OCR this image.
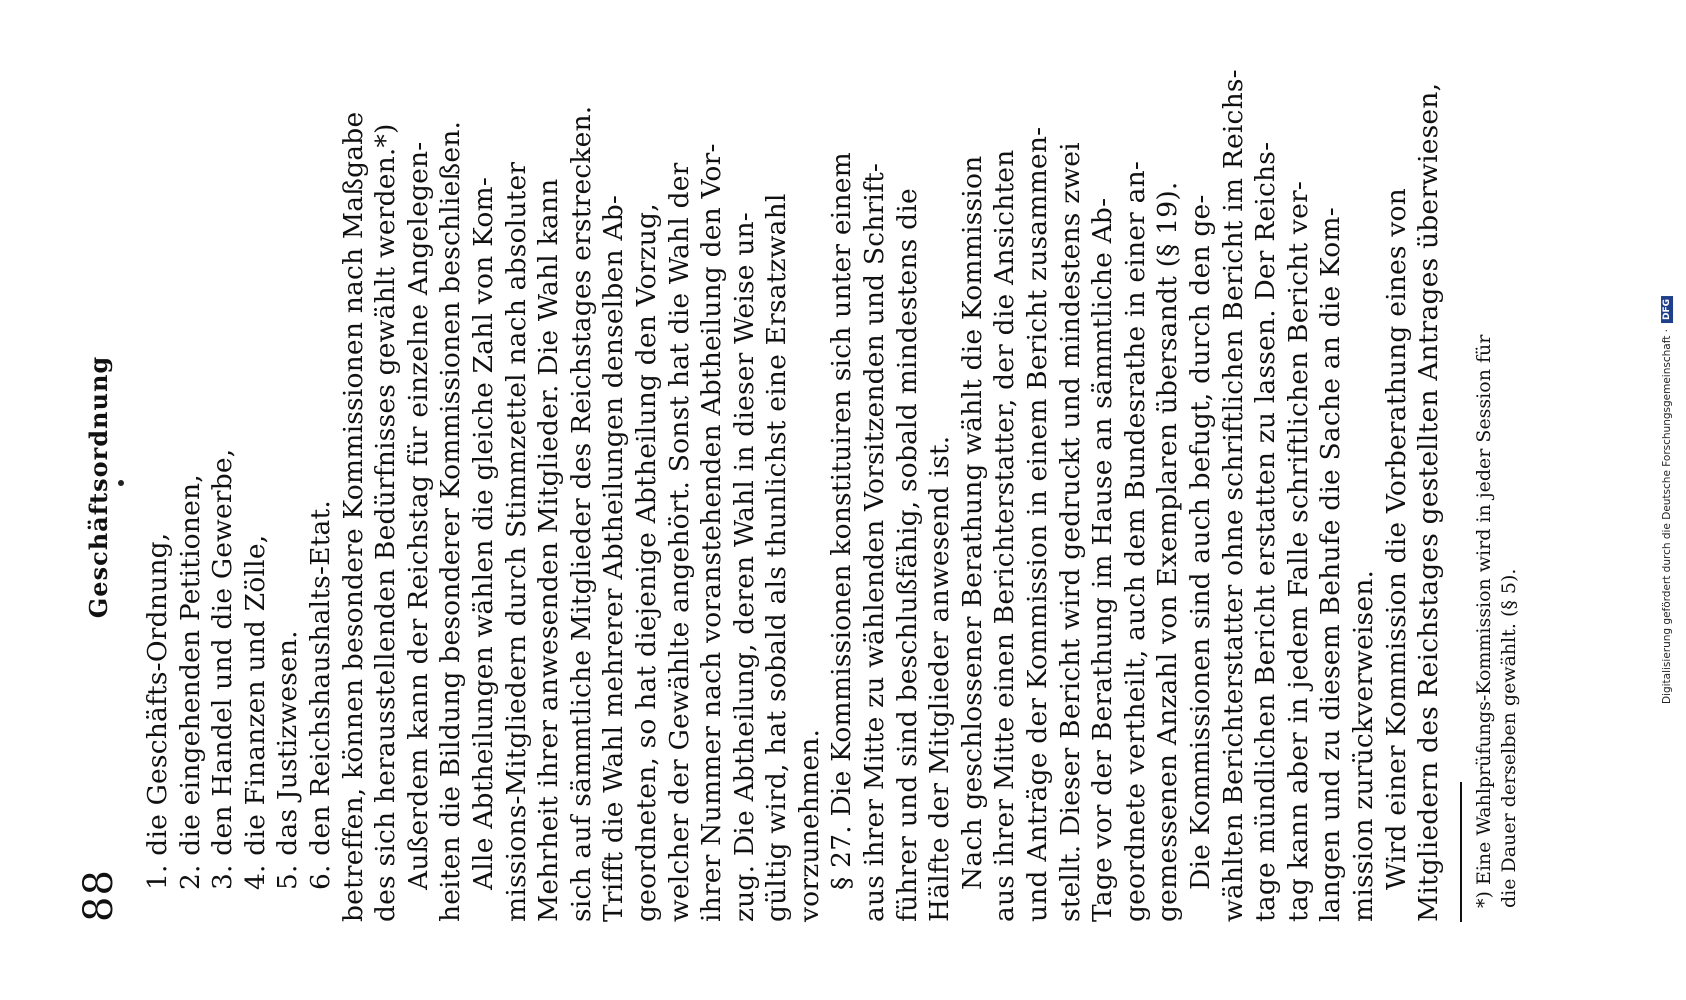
88
Geschäftsordnung
1. die Geschäfts-Ordnung, 2. die eingehenden Petitionen, 3. den Handel und die Gewerbe, 4. die Finanzen und Zölle, 5. das Justizwesen. 6. den Reichshaushalts-Etat. betreffen, können besondere Kommissionen nach Maßgabe des sich herausstellenden Bedürfnisses gewählt werden.*) Außerdem kann der Reichstag für einzelne Angelegen- heiten die Bildung besonderer Kommissionen beschließen. Alle Abtheilungen wählen die gleiche Zahl von Kom- missions-Mitgliedern durch Stimmzettel nach absoluter Mehrheit ihrer anwesenden Mitglieder. Die Wahl kann sich auf sämmtliche Mitglieder des Reichstages erstrecken. Trifft die Wahl mehrerer Abtheilungen denselben Ab- geordneten, so hat diejenige Abtheilung den Vorzug, welcher der Gewählte angehört. Sonst hat die Wahl der ihrer Nummer nach voranstehenden Abtheilung den Vor- zug. Die Abtheilung, deren Wahl in dieser Weise un- gültig wird, hat sobald als thunlichst eine Ersatzwahl vorzunehmen. § 27. Die Kommissionen konstituiren sich unter einem aus ihrer Mitte zu wählenden Vorsitzenden und Schrift- führer und sind beschlußfähig, sobald mindestens die Hälfte der Mitglieder anwesend ist. Nach geschlossener Berathung wählt die Kommission aus ihrer Mitte einen Berichterstatter, der die Ansichten und Anträge der Kommission in einem Bericht zusammen- stellt. Dieser Bericht wird gedruckt und mindestens zwei Tage vor der Berathung im Hause an sämmtliche Ab- geordnete vertheilt, auch dem Bundesrathe in einer an- gemessenen Anzahl von Exemplaren übersandt (§ 19). Die Kommissionen sind auch befugt, durch den ge- wählten Berichterstatter ohne schriftlichen Bericht im Reichs- tage mündlichen Bericht erstatten zu lassen. Der Reichs- tag kann aber in jedem Falle schriftlichen Bericht ver- langen und zu diesem Behufe die Sache an die Kom- mission zurückverweisen. Wird einer Kommission die Vorberathung eines von Mitgliedern des Reichstages gestellten Antrages überwiesen, *) Eine Wahlprüfungs-Kommission wird in jeder Session für die Dauer derselben gewählt. (§ 5).
Digitalisierung gefördert durch die Deutsche Forschungsgemeinschaft ·
DFG
